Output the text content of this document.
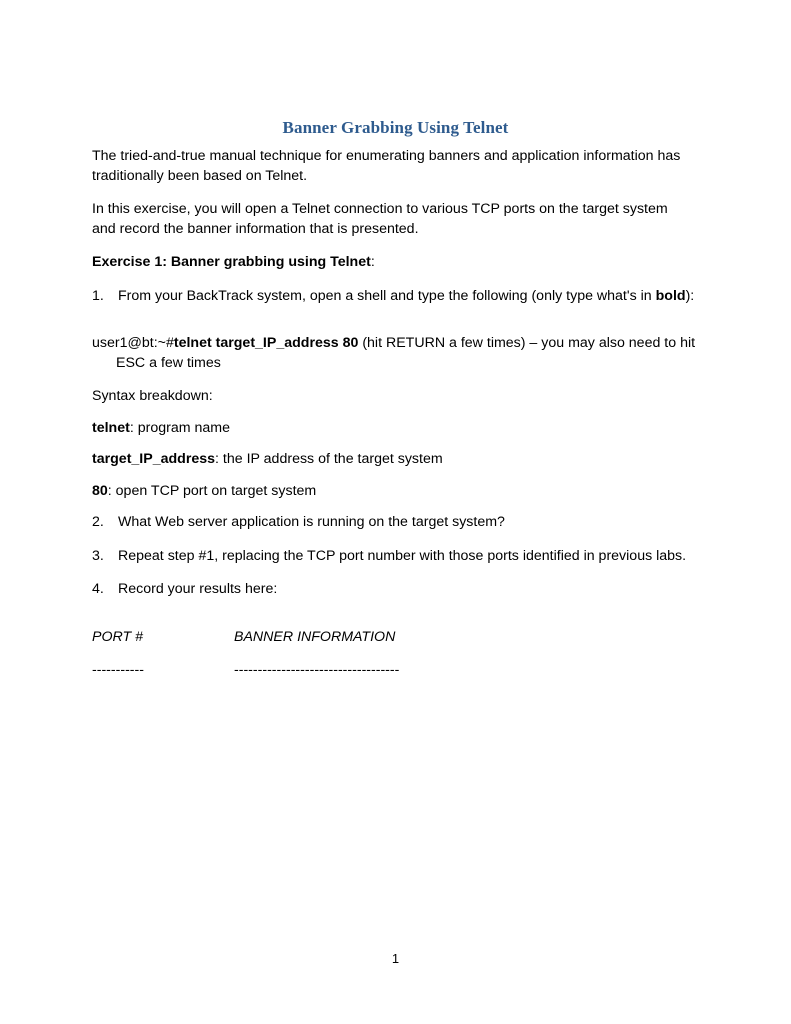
Banner Grabbing Using Telnet

The tried-and-true manual technique for enumerating banners and application information has traditionally been based on Telnet.

In this exercise, you will open a Telnet connection to various TCP ports on the target system and record the banner information that is presented.

Exercise 1: Banner grabbing using Telnet:

1. From your BackTrack system, open a shell and type the following (only type what's in bold):

user1@bt:~#telnet target_IP_address 80 (hit RETURN a few times) – you may also need to hit
ESC a few times

Syntax breakdown:

telnet: program name

target_IP_address: the IP address of the target system

80: open TCP port on target system

2. What Web server application is running on the target system?
3. Repeat step #1, replacing the TCP port number with those ports identified in previous labs.
4. Record your results here:
PORT #	BANNER INFORMATION
-----------	-----------------------------------
1
